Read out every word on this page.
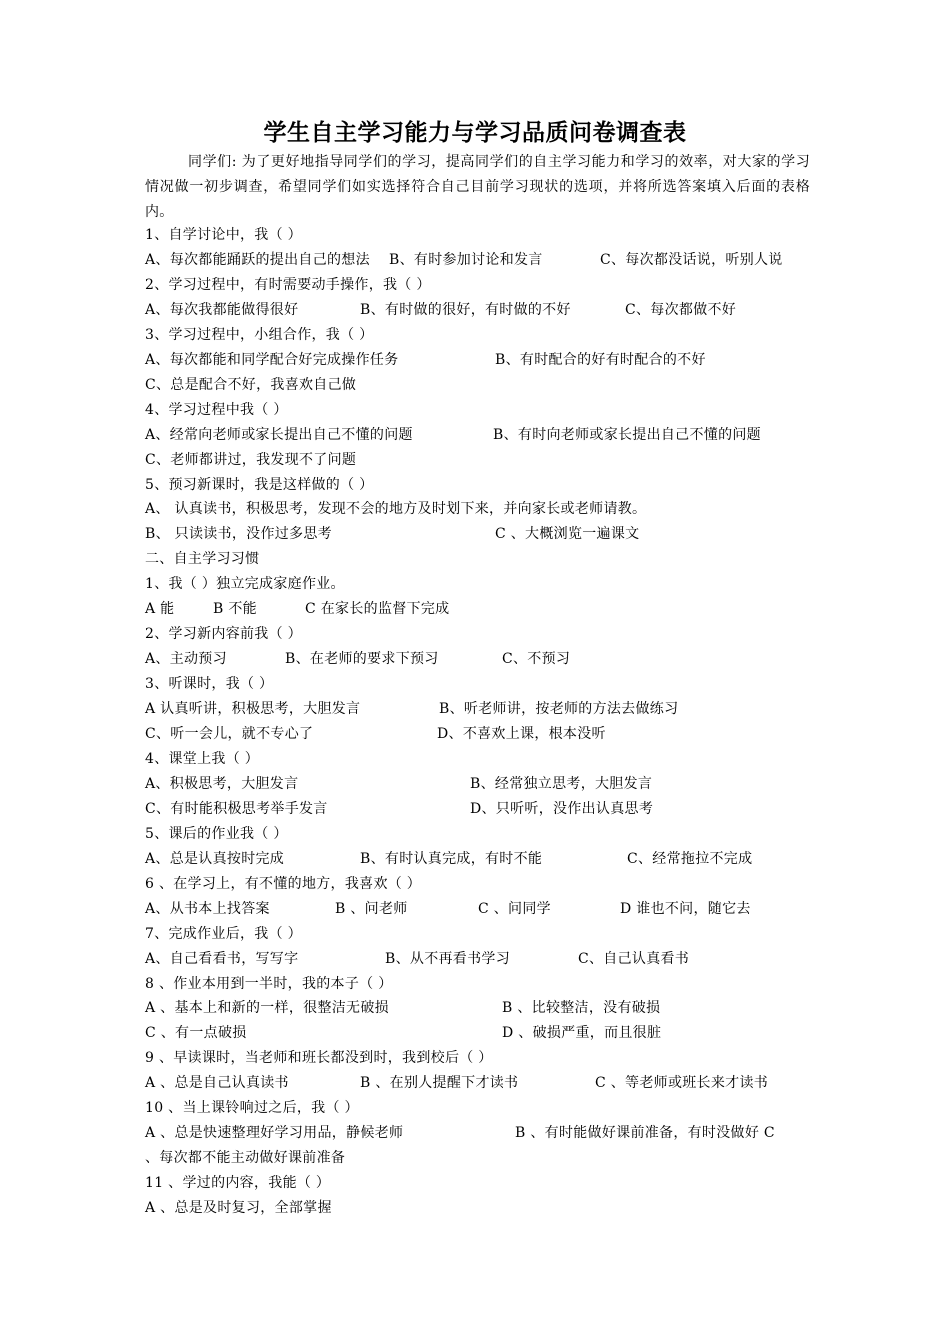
学生自主学习能力与学习品质问卷调查表
同学们: 为了更好地指导同学们的学习，提高同学们的自主学习能力和学习的效率，对大家的学习情况做一初步调查，希望同学们如实选择符合自己目前学习现状的选项，并将所选答案填入后面的表格内。
1、自学讨论中，我（ ）
A、每次都能踊跃的提出自己的想法 B、有时参加讨论和发言	C、每次都没话说，听别人说
2、学习过程中，有时需要动手操作，我（ ）
A、每次我都能做得很好	B、有时做的很好，有时做的不好	C、每次都做不好
3、学习过程中，小组合作，我（ ）
A、每次都能和同学配合好完成操作任务	B、有时配合的好有时配合的不好
C、总是配合不好，我喜欢自己做
4、学习过程中我（ ）
A、经常向老师或家长提出自己不懂的问题	B、有时向老师或家长提出自己不懂的问题
C、老师都讲过，我发现不了问题
5、预习新课时，我是这样做的（ ）
A、 认真读书，积极思考，发现不会的地方及时划下来，并向家长或老师请教。
B、 只读读书，没作过多思考	C 、大概浏览一遍课文
二、自主学习习惯
1、我（ ）独立完成家庭作业。
A 能	B 不能	C 在家长的监督下完成
2、学习新内容前我（ ）
A、主动预习	B、在老师的要求下预习	C、不预习
3、听课时，我（ ）
A 认真听讲，积极思考，大胆发言	B、听老师讲，按老师的方法去做练习
C、听一会儿，就不专心了	D、不喜欢上课，根本没听
4、课堂上我（ ）
A、积极思考，大胆发言	B、经常独立思考，大胆发言
C、有时能积极思考举手发言	D、只听听，没作出认真思考
5、课后的作业我（ ）
A、总是认真按时完成	B、有时认真完成，有时不能	C、经常拖拉不完成
6 、在学习上，有不懂的地方，我喜欢（ ）
A、从书本上找答案	B 、问老师	C 、问同学	D 谁也不问，随它去
7、完成作业后，我（ ）
A、自己看看书，写写字	B、从不再看书学习	C、自己认真看书
8 、作业本用到一半时，我的本子（ ）
A 、基本上和新的一样，很整洁无破损	B 、比较整洁，没有破损
C 、有一点破损	D 、破损严重，而且很脏
9 、早读课时，当老师和班长都没到时，我到校后（ ）
A 、总是自己认真读书	B 、在别人提醒下才读书	C 、等老师或班长来才读书
10 、当上课铃响过之后，我（ ）
A 、总是快速整理好学习用品，静候老师	B 、有时能做好课前准备，有时没做好 C
、每次都不能主动做好课前准备
11 、学过的内容，我能（ ）
A 、总是及时复习，全部掌握
